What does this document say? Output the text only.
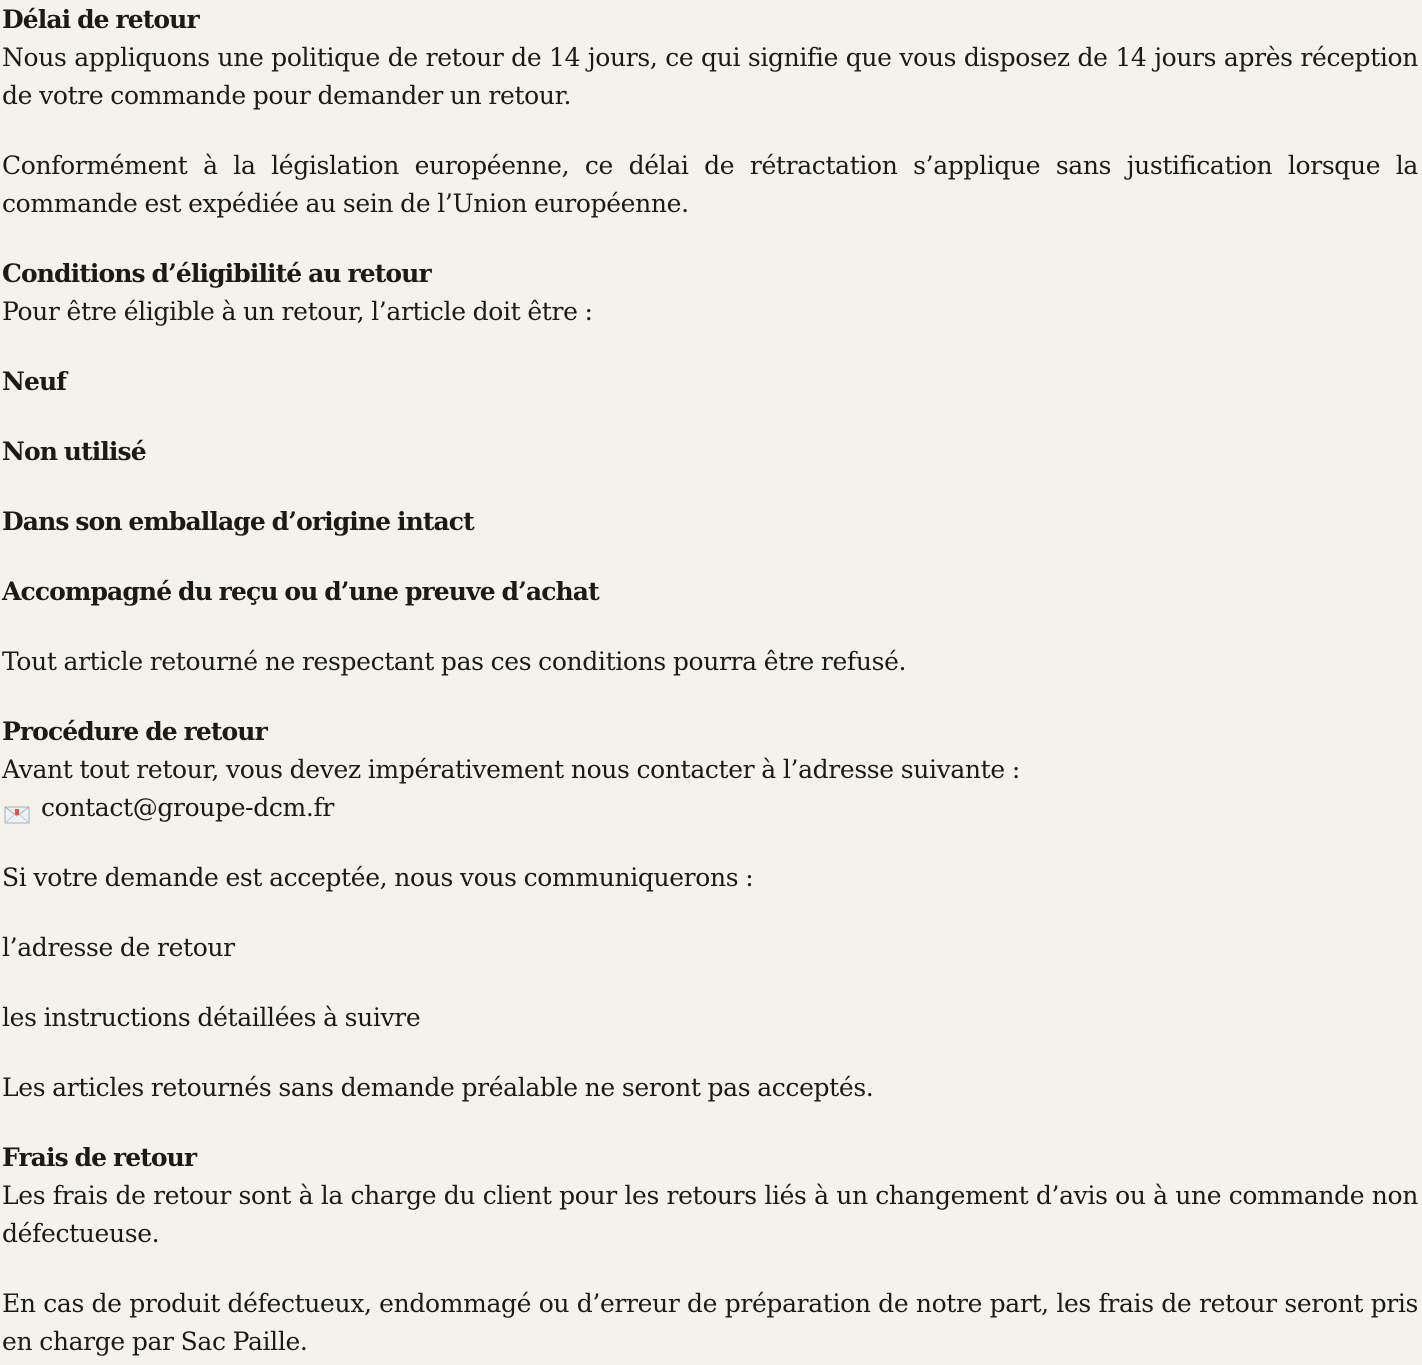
Délai de retour

Nous appliquons une politique de retour de 14 jours, ce qui signifie que vous disposez de 14 jours après réception de votre commande pour demander un retour.

Conformément à la législation européenne, ce délai de rétractation s’applique sans justification lorsque la commande est expédiée au sein de l’Union européenne.

Conditions d’éligibilité au retour

Pour être éligible à un retour, l’article doit être :

Neuf

Non utilisé

Dans son emballage d’origine intact

Accompagné du reçu ou d’une preuve d’achat

Tout article retourné ne respectant pas ces conditions pourra être refusé.

Procédure de retour

Avant tout retour, vous devez impérativement nous contacter à l’adresse suivante :

contact@groupe-dcm.fr

Si votre demande est acceptée, nous vous communiquerons :

l’adresse de retour

les instructions détaillées à suivre

Les articles retournés sans demande préalable ne seront pas acceptés.

Frais de retour

Les frais de retour sont à la charge du client pour les retours liés à un changement d’avis ou à une commande non défectueuse.

En cas de produit défectueux, endommagé ou d’erreur de préparation de notre part, les frais de retour seront pris en charge par Sac Paille.
